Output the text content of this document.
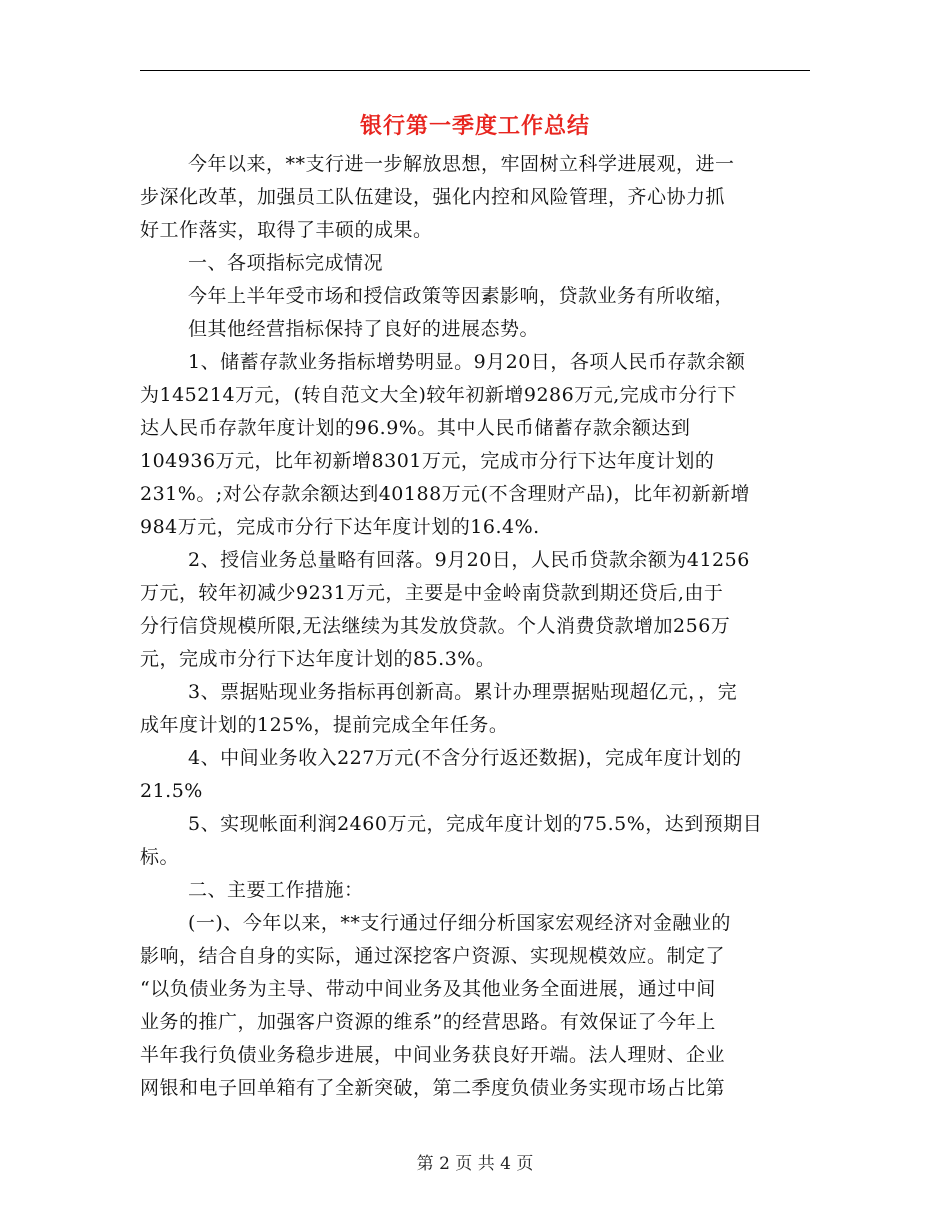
银行第一季度工作总结
今年以来，**支行进一步解放思想，牢固树立科学进展观，进一
步深化改革，加强员工队伍建设，强化内控和风险管理，齐心协力抓
好工作落实，取得了丰硕的成果。
一、各项指标完成情况
今年上半年受市场和授信政策等因素影响，贷款业务有所收缩，
但其他经营指标保持了良好的进展态势。
1、储蓄存款业务指标增势明显。9月20日，各项人民币存款余额
为145214万元，(转自范文大全)较年初新增9286万元,完成市分行下
达人民币存款年度计划的96.9%。其中人民币储蓄存款余额达到
104936万元，比年初新增8301万元，完成市分行下达年度计划的
231%。;对公存款余额达到40188万元(不含理财产品)，比年初新新增
984万元，完成市分行下达年度计划的16.4%.
2、授信业务总量略有回落。9月20日，人民币贷款余额为41256
万元，较年初减少9231万元，主要是中金岭南贷款到期还贷后,由于
分行信贷规模所限,无法继续为其发放贷款。个人消费贷款增加256万
元，完成市分行下达年度计划的85.3%。
3、票据贴现业务指标再创新高。累计办理票据贴现超亿元，，完
成年度计划的125%，提前完成全年任务。
4、中间业务收入227万元(不含分行返还数据)，完成年度计划的
21.5%
5、实现帐面利润2460万元，完成年度计划的75.5%，达到预期目
标。
二、主要工作措施：
(一)、今年以来，**支行通过仔细分析国家宏观经济对金融业的
影响，结合自身的实际，通过深挖客户资源、实现规模效应。制定了
“以负债业务为主导、带动中间业务及其他业务全面进展，通过中间
业务的推广，加强客户资源的维系”的经营思路。有效保证了今年上
半年我行负债业务稳步进展，中间业务获良好开端。法人理财、企业
网银和电子回单箱有了全新突破，第二季度负债业务实现市场占比第
第 2 页 共 4 页
